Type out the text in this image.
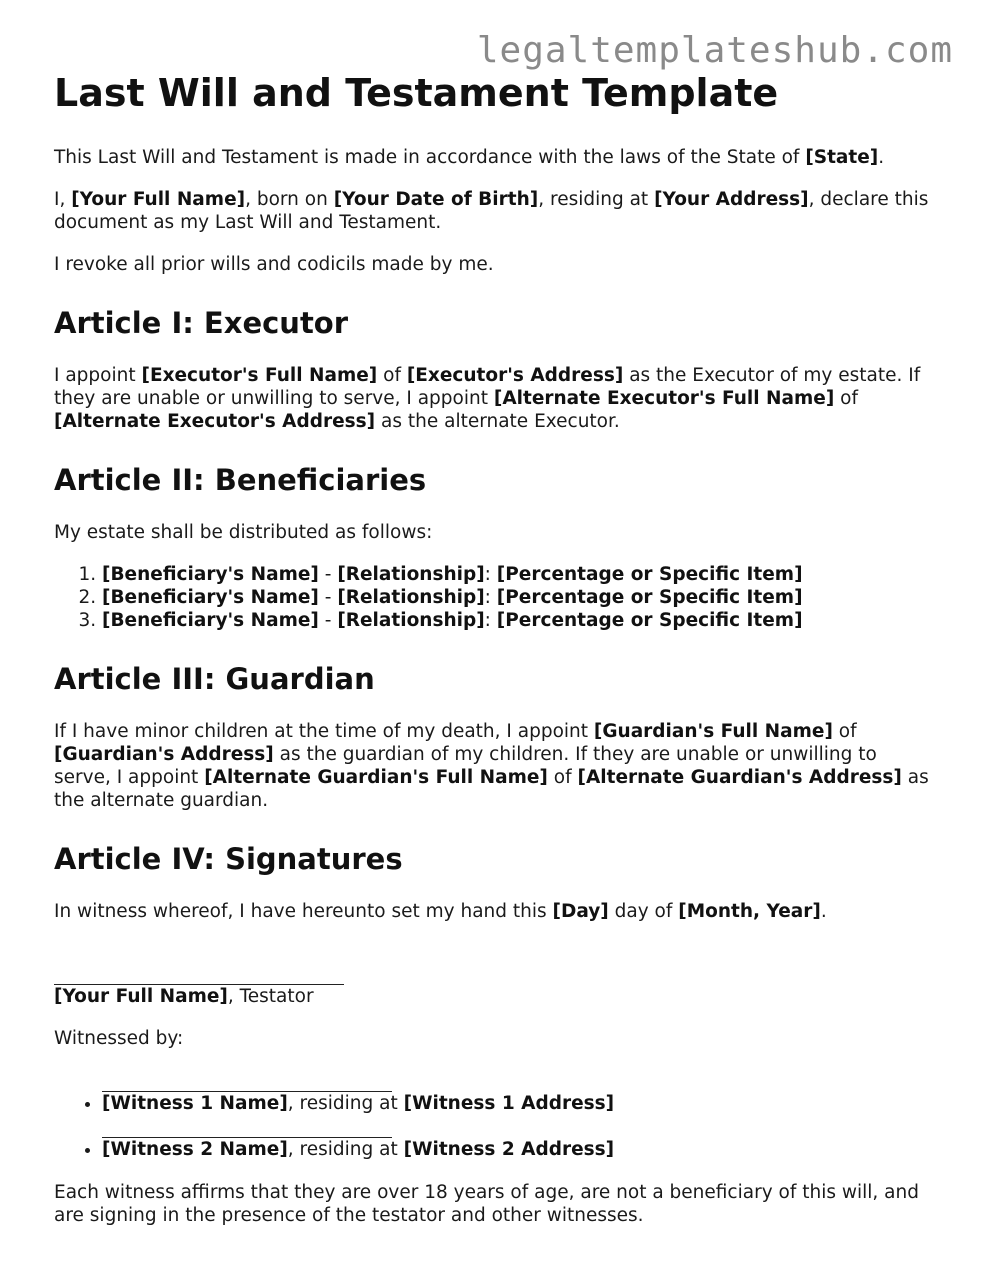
legaltemplateshub.com
Last Will and Testament Template

This Last Will and Testament is made in accordance with the laws of the State of [State].

I, [Your Full Name], born on [Your Date of Birth], residing at [Your Address], declare this document as my Last Will and Testament.

I revoke all prior wills and codicils made by me.

Article I: Executor

I appoint [Executor's Full Name] of [Executor's Address] as the Executor of my estate. If they are unable or unwilling to serve, I appoint [Alternate Executor's Full Name] of [Alternate Executor's Address] as the alternate Executor.

Article II: Beneficiaries

My estate shall be distributed as follows:

1. [Beneficiary's Name] - [Relationship]: [Percentage or Specific Item]
2. [Beneficiary's Name] - [Relationship]: [Percentage or Specific Item]
3. [Beneficiary's Name] - [Relationship]: [Percentage or Specific Item]
Article III: Guardian

If I have minor children at the time of my death, I appoint [Guardian's Full Name] of [Guardian's Address] as the guardian of my children. If they are unable or unwilling to serve, I appoint [Alternate Guardian's Full Name] of [Alternate Guardian's Address] as the alternate guardian.

Article IV: Signatures

In witness whereof, I have hereunto set my hand this [Day] day of [Month, Year].

[Your Full Name], Testator

Witnessed by:

• [Witness 1 Name], residing at [Witness 1 Address]
• [Witness 2 Name], residing at [Witness 2 Address]

Each witness affirms that they are over 18 years of age, are not a beneficiary of this will, and are signing in the presence of the testator and other witnesses.
